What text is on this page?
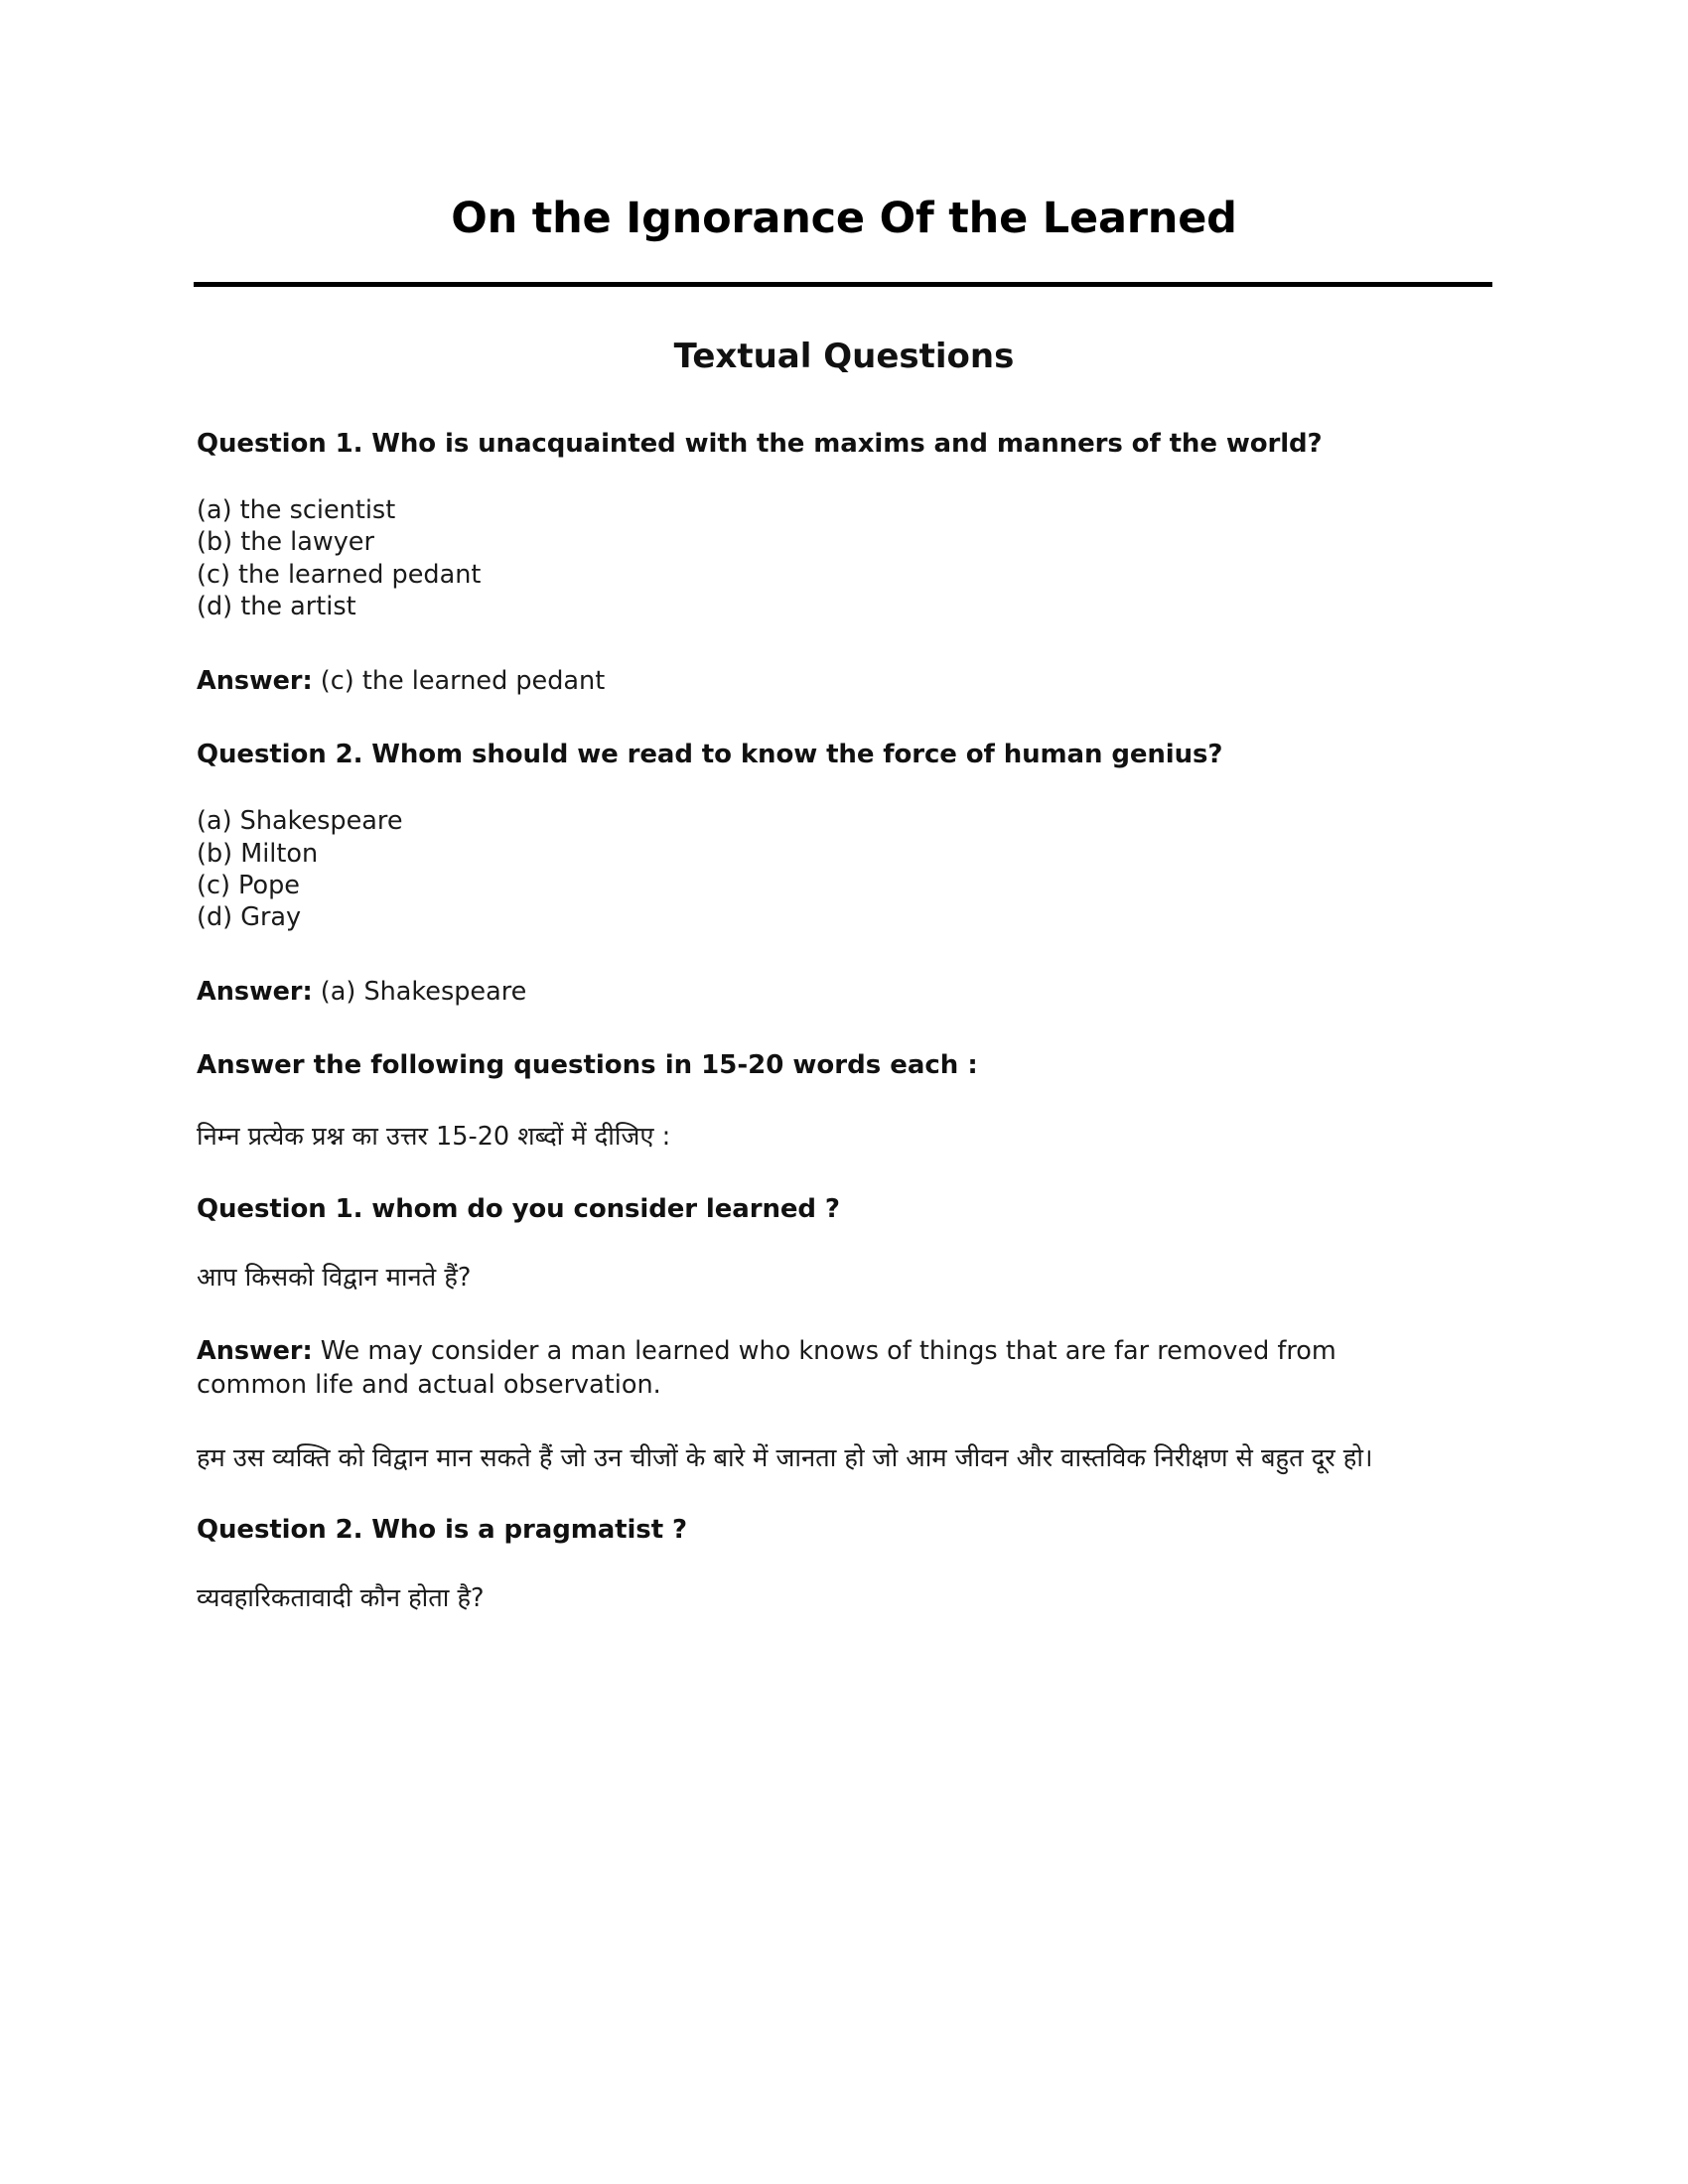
On the Ignorance Of the Learned
Textual Questions
Question 1. Who is unacquainted with the maxims and manners of the world?
(a) the scientist
(b) the lawyer
(c) the learned pedant
(d) the artist
Answer: (c) the learned pedant
Question 2. Whom should we read to know the force of human genius?
(a) Shakespeare
(b) Milton
(c) Pope
(d) Gray
Answer: (a) Shakespeare
Answer the following questions in 15-20 words each :
निम्न प्रत्येक प्रश्न का उत्तर 15-20 शब्दों में दीजिए :
Question 1. whom do you consider learned ?
आप किसको विद्वान मानते हैं?
Answer: We may consider a man learned who knows of things that are far removed from common life and actual observation.
हम उस व्यक्ति को विद्वान मान सकते हैं जो उन चीजों के बारे में जानता हो जो आम जीवन और वास्तविक निरीक्षण से बहुत दूर हो।
Question 2. Who is a pragmatist ?
व्यवहारिकतावादी कौन होता है?
